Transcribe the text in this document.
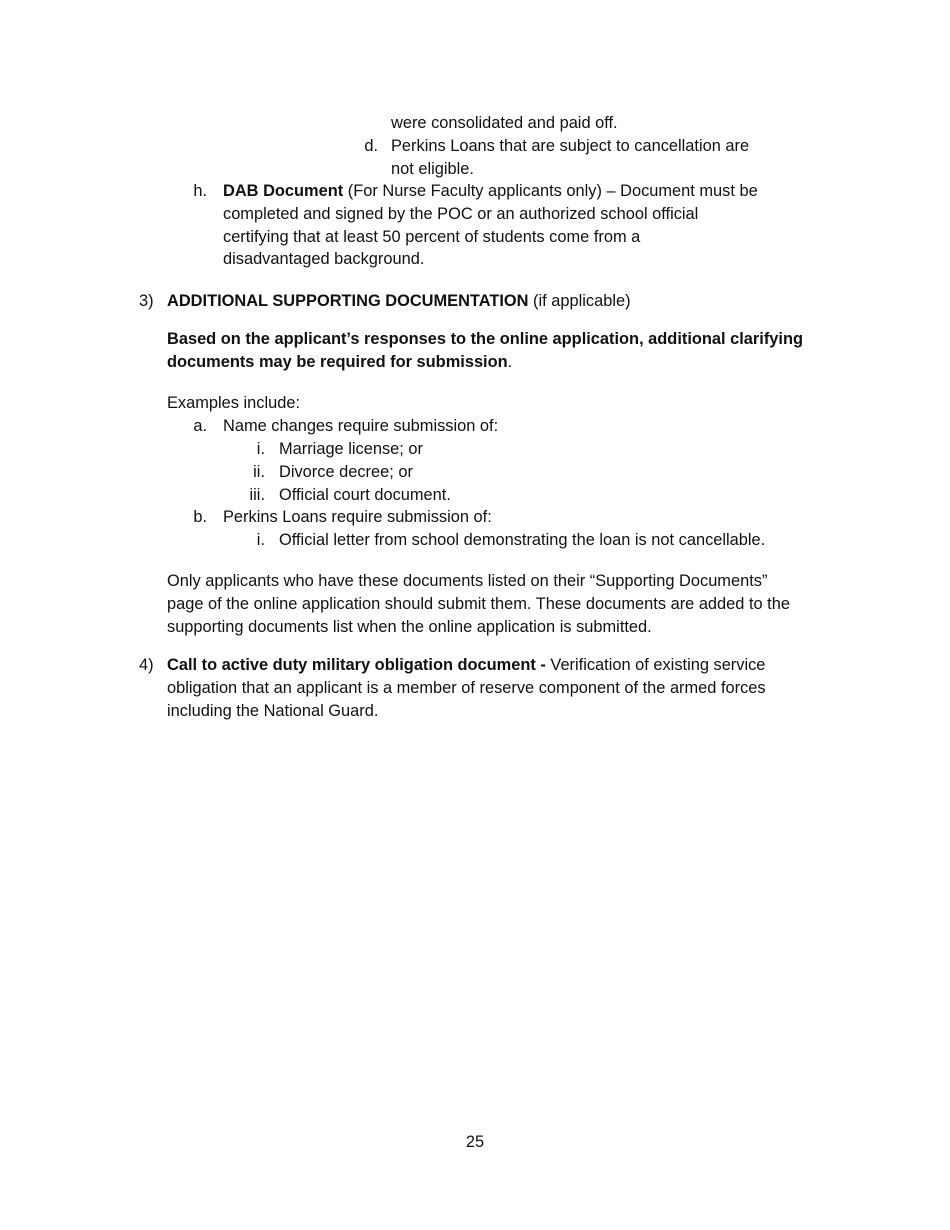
were consolidated and paid off.
d. Perkins Loans that are subject to cancellation are
not eligible.
h. DAB Document (For Nurse Faculty applicants only) – Document must be
completed and signed by the POC or an authorized school official
certifying that at least 50 percent of students come from a
disadvantaged background.
3) ADDITIONAL SUPPORTING DOCUMENTATION (if applicable)
Based on the applicant’s responses to the online application, additional clarifying
documents may be required for submission.
Examples include:
a. Name changes require submission of:
i. Marriage license; or
ii. Divorce decree; or
iii. Official court document.
b. Perkins Loans require submission of:
i. Official letter from school demonstrating the loan is not cancellable.
Only applicants who have these documents listed on their “Supporting Documents”
page of the online application should submit them. These documents are added to the
supporting documents list when the online application is submitted.
4) Call to active duty military obligation document - Verification of existing service
obligation that an applicant is a member of reserve component of the armed forces
including the National Guard.
25
